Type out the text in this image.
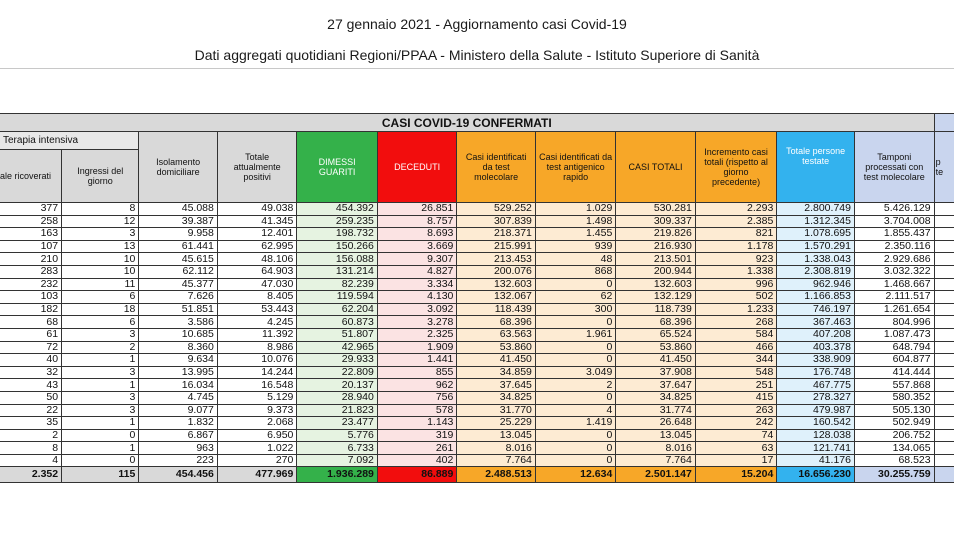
27 gennaio 2021 - Aggiornamento casi Covid-19
Dati aggregati quotidiani Regioni/PPAA - Ministero della Salute - Istituto Superiore di Sanità
CASI COVID-19 CONFERMATI												
Terapia intensiva		Isolamento domiciliare	Totale attualmente positivi	DIMESSI GUARITI	DECEDUTI	Casi identificati da test molecolare	Casi identificati da test antigenico rapido	CASI TOTALI	Incremento casi totali (rispetto al giorno precedente)	Totale persone testate	Tamponi processati con test molecolare	p
te
ale ricoverati	Ingressi del giorno											
377	8	45.088	49.038	454.392	26.851	529.252	1.029	530.281	2.293	2.800.749	5.426.129	
258	12	39.387	41.345	259.235	8.757	307.839	1.498	309.337	2.385	1.312.345	3.704.008	
163	3	9.958	12.401	198.732	8.693	218.371	1.455	219.826	821	1.078.695	1.855.437	
107	13	61.441	62.995	150.266	3.669	215.991	939	216.930	1.178	1.570.291	2.350.116	
210	10	45.615	48.106	156.088	9.307	213.453	48	213.501	923	1.338.043	2.929.686	
283	10	62.112	64.903	131.214	4.827	200.076	868	200.944	1.338	2.308.819	3.032.322	
232	11	45.377	47.030	82.239	3.334	132.603	0	132.603	996	962.946	1.468.667	
103	6	7.626	8.405	119.594	4.130	132.067	62	132.129	502	1.166.853	2.111.517	
182	18	51.851	53.443	62.204	3.092	118.439	300	118.739	1.233	746.197	1.261.654	
68	6	3.586	4.245	60.873	3.278	68.396	0	68.396	268	367.463	804.996	
61	3	10.685	11.392	51.807	2.325	63.563	1.961	65.524	584	407.208	1.087.473	
72	2	8.360	8.986	42.965	1.909	53.860	0	53.860	466	403.378	648.794	
40	1	9.634	10.076	29.933	1.441	41.450	0	41.450	344	338.909	604.877	
32	3	13.995	14.244	22.809	855	34.859	3.049	37.908	548	176.748	414.444	
43	1	16.034	16.548	20.137	962	37.645	2	37.647	251	467.775	557.868	
50	3	4.745	5.129	28.940	756	34.825	0	34.825	415	278.327	580.352	
22	3	9.077	9.373	21.823	578	31.770	4	31.774	263	479.987	505.130	
35	1	1.832	2.068	23.477	1.143	25.229	1.419	26.648	242	160.542	502.949	
2	0	6.867	6.950	5.776	319	13.045	0	13.045	74	128.038	206.752	
8	1	963	1.022	6.733	261	8.016	0	8.016	63	121.741	134.065	
4	0	223	270	7.092	402	7.764	0	7.764	17	41.176	68.523	
2.352	115	454.456	477.969	1.936.289	86.889	2.488.513	12.634	2.501.147	15.204	16.656.230	30.255.759	
